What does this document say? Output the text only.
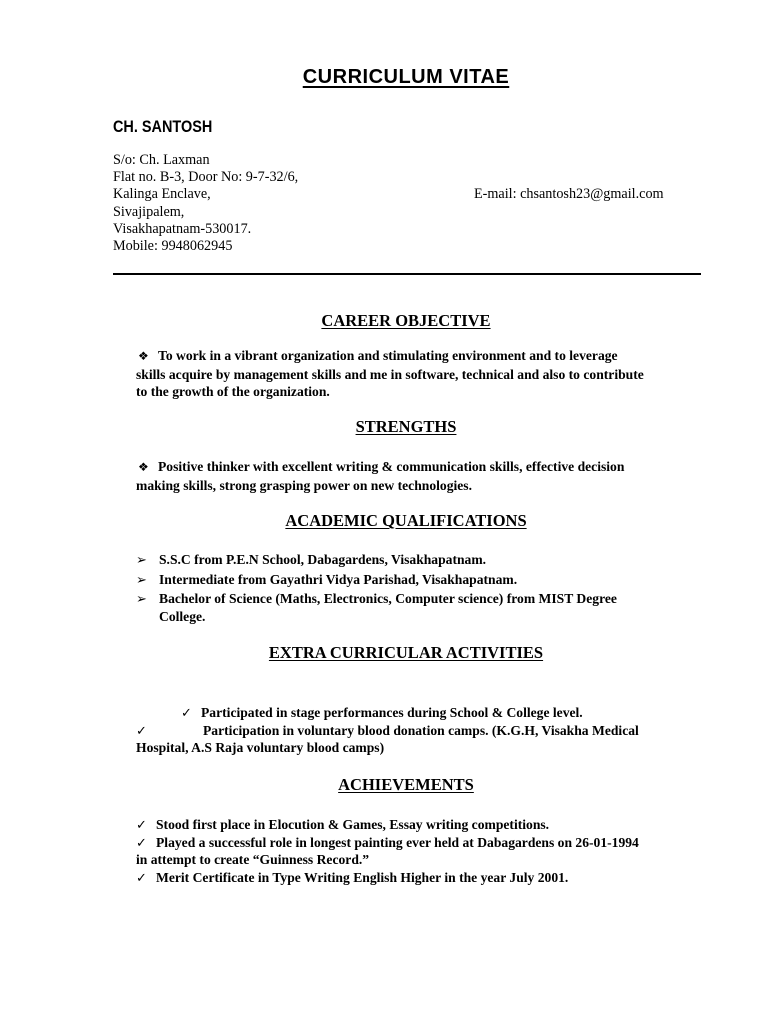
CURRICULUM VITAE
CH. SANTOSH
S/o: Ch. Laxman
Flat no. B-3, Door No: 9-7-32/6,
Kalinga Enclave,
Sivajipalem,
Visakhapatnam-530017.
Mobile: 9948062945
E-mail: chsantosh23@gmail.com
CAREER OBJECTIVE
❖ To work in a vibrant organization and stimulating environment and to leverage
skills acquire by management skills and me in software, technical and also to contribute
to the growth of the organization.
STRENGTHS
❖ Positive thinker with excellent writing & communication skills, effective decision
making skills, strong grasping power on new technologies.
ACADEMIC QUALIFICATIONS
➢ S.S.C from P.E.N School, Dabagardens, Visakhapatnam.
➢ Intermediate from Gayathri Vidya Parishad, Visakhapatnam.
➢ Bachelor of Science (Maths, Electronics, Computer science) from MIST Degree
College.
EXTRA CURRICULAR ACTIVITIES
✓ Participated in stage performances during School & College level.
✓	Participation in voluntary blood donation camps. (K.G.H, Visakha Medical
Hospital, A.S Raja voluntary blood camps)
ACHIEVEMENTS
✓ Stood first place in Elocution & Games, Essay writing competitions.
✓ Played a successful role in longest painting ever held at Dabagardens on 26-01-1994
in attempt to create “Guinness Record.”
✓ Merit Certificate in Type Writing English Higher in the year July 2001.
